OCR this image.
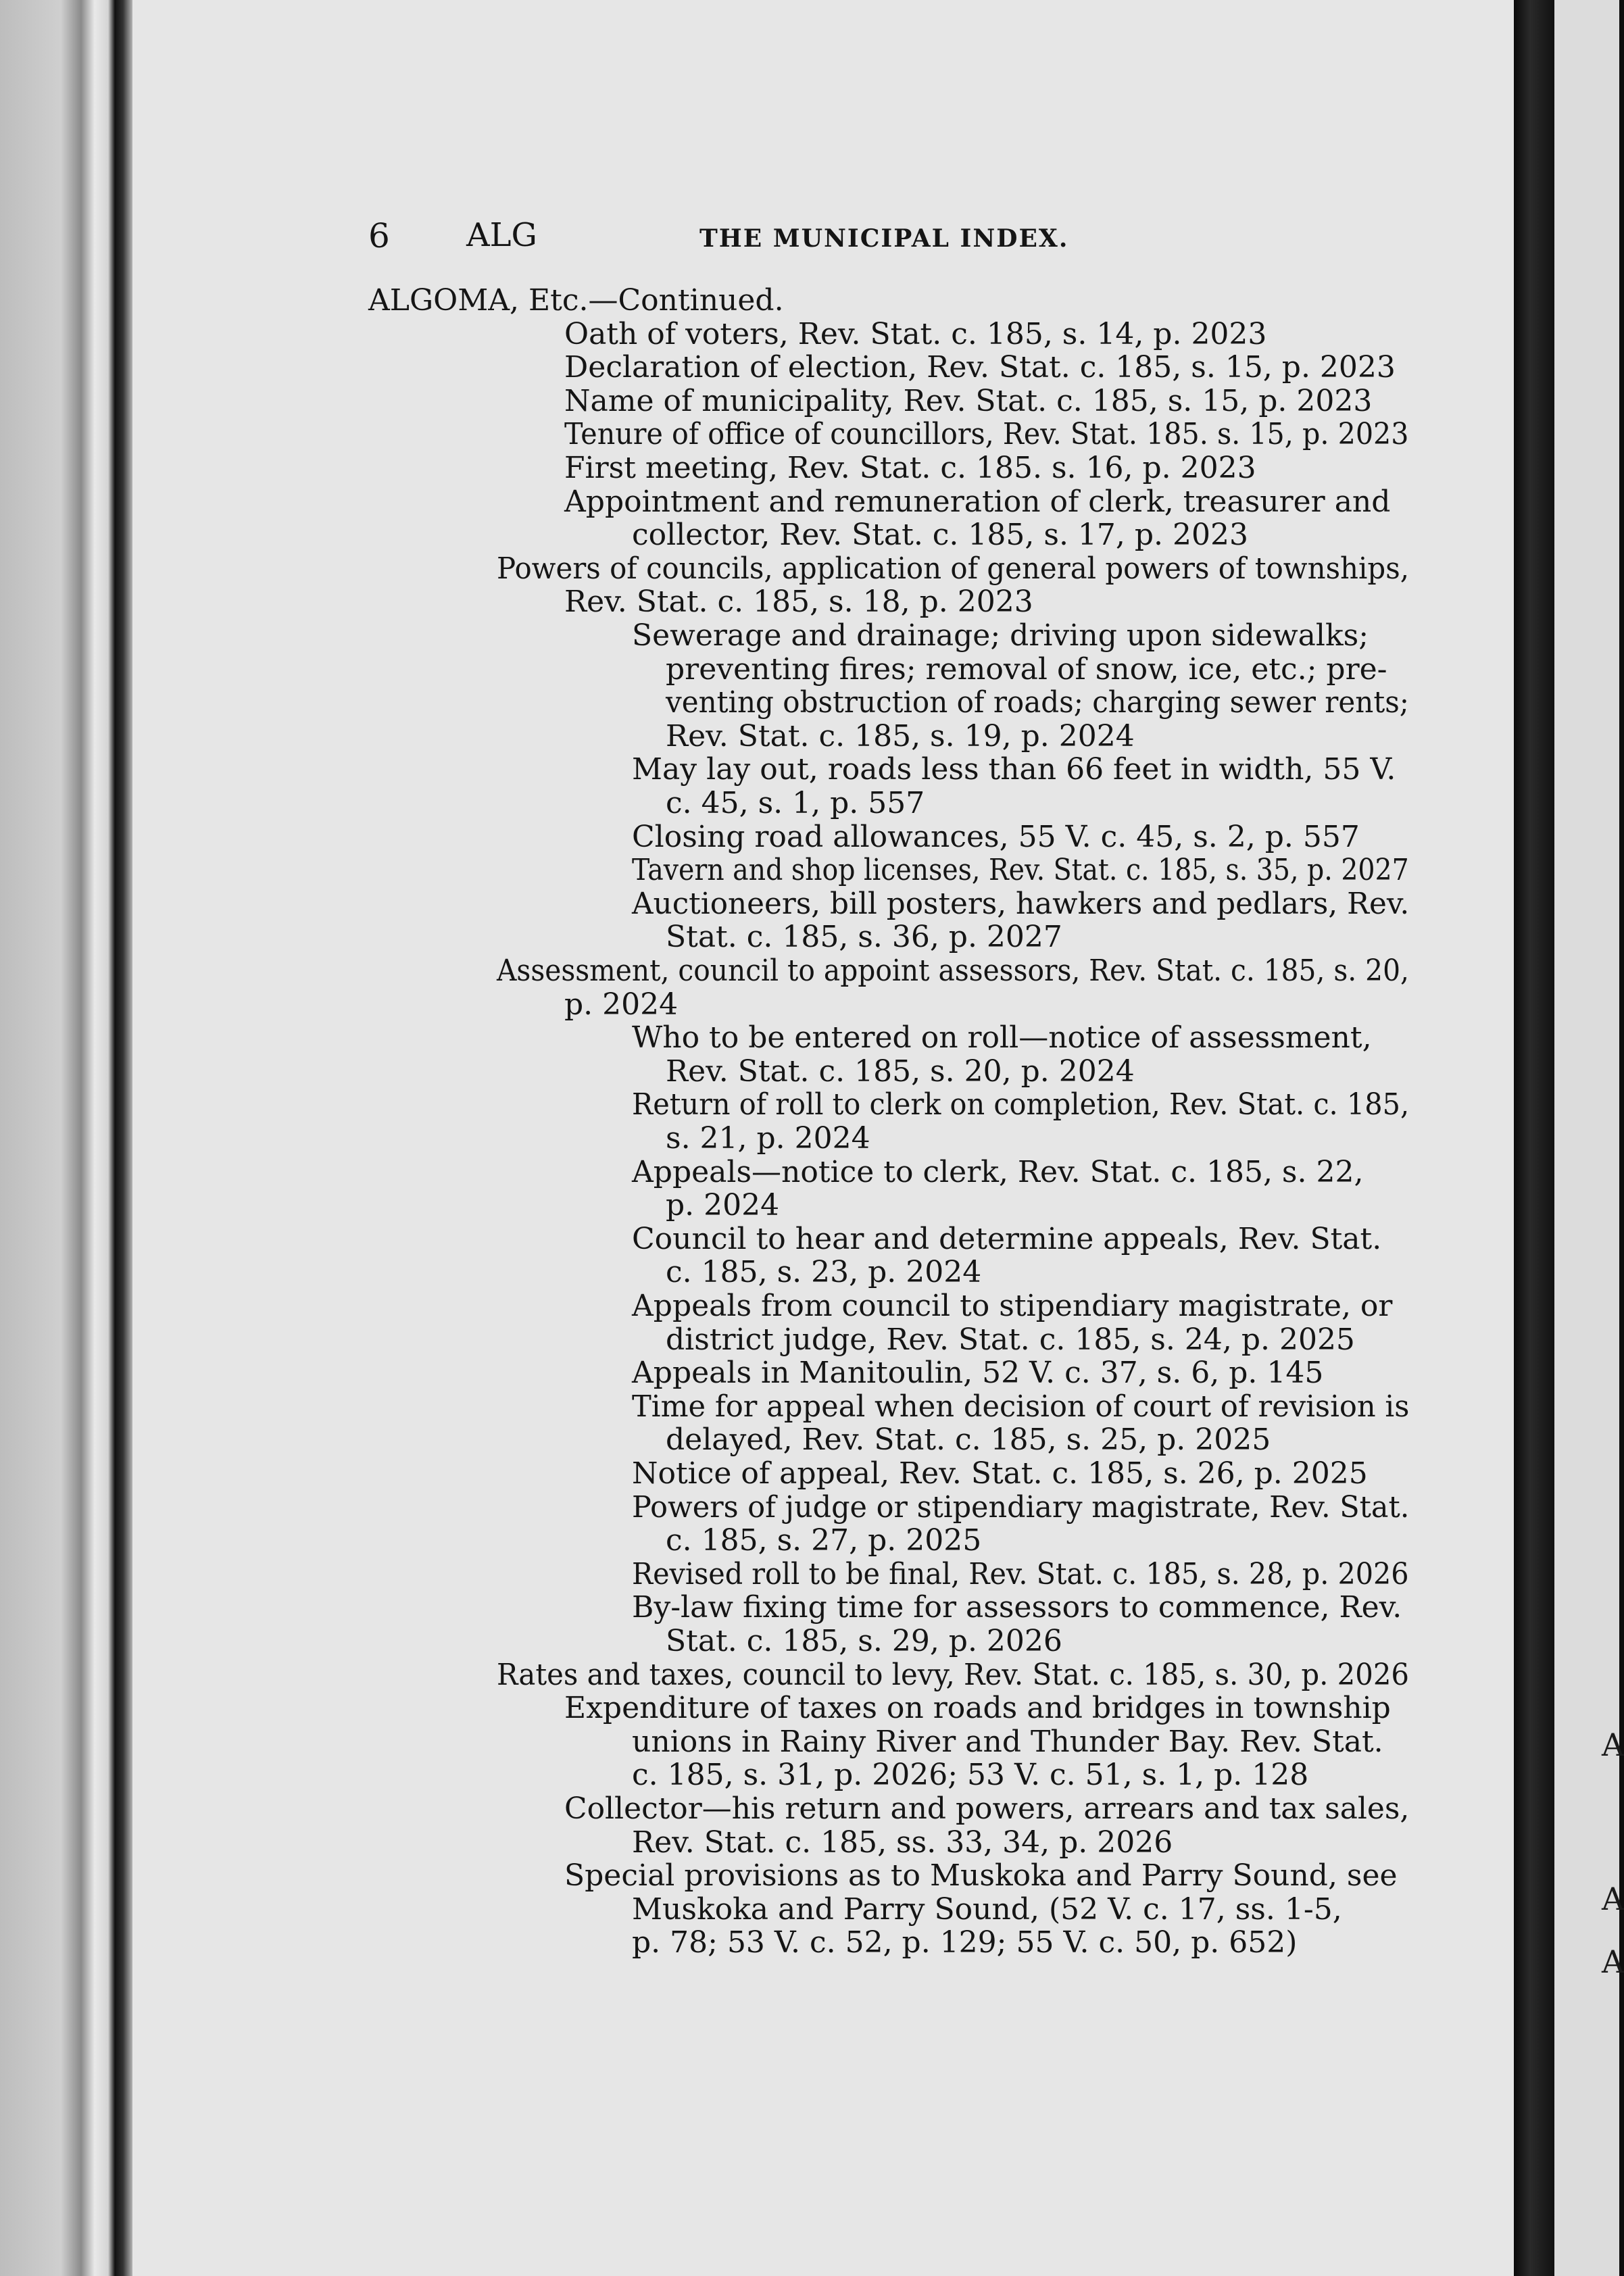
A
A
A
6 ALG	THE MUNICIPAL INDEX.
ALGOMA, Etc.—Continued.
Oath of voters, Rev. Stat. c. 185, s. 14, p. 2023
Declaration of election, Rev. Stat. c. 185, s. 15, p. 2023
Name of municipality, Rev. Stat. c. 185, s. 15, p. 2023
Tenure of office of councillors, Rev. Stat. 185. s. 15, p. 2023
First meeting, Rev. Stat. c. 185. s. 16, p. 2023
Appointment and remuneration of clerk, treasurer and
collector, Rev. Stat. c. 185, s. 17, p. 2023
Powers of councils, application of general powers of townships,
Rev. Stat. c. 185, s. 18, p. 2023
Sewerage and drainage; driving upon sidewalks;
preventing fires; removal of snow, ice, etc.; pre-
venting obstruction of roads; charging sewer rents;
Rev. Stat. c. 185, s. 19, p. 2024
May lay out, roads less than 66 feet in width, 55 V.
c. 45, s. 1, p. 557
Closing road allowances, 55 V. c. 45, s. 2, p. 557
Tavern and shop licenses, Rev. Stat. c. 185, s. 35, p. 2027
Auctioneers, bill posters, hawkers and pedlars, Rev.
Stat. c. 185, s. 36, p. 2027
Assessment, council to appoint assessors, Rev. Stat. c. 185, s. 20,
p. 2024
Who to be entered on roll—notice of assessment,
Rev. Stat. c. 185, s. 20, p. 2024
Return of roll to clerk on completion, Rev. Stat. c. 185,
s. 21, p. 2024
Appeals—notice to clerk, Rev. Stat. c. 185, s. 22,
p. 2024
Council to hear and determine appeals, Rev. Stat.
c. 185, s. 23, p. 2024
Appeals from council to stipendiary magistrate, or
district judge, Rev. Stat. c. 185, s. 24, p. 2025
Appeals in Manitoulin, 52 V. c. 37, s. 6, p. 145
Time for appeal when decision of court of revision is
delayed, Rev. Stat. c. 185, s. 25, p. 2025
Notice of appeal, Rev. Stat. c. 185, s. 26, p. 2025
Powers of judge or stipendiary magistrate, Rev. Stat.
c. 185, s. 27, p. 2025
Revised roll to be final, Rev. Stat. c. 185, s. 28, p. 2026
By-law fixing time for assessors to commence, Rev.
Stat. c. 185, s. 29, p. 2026
Rates and taxes, council to levy, Rev. Stat. c. 185, s. 30, p. 2026
Expenditure of taxes on roads and bridges in township
unions in Rainy River and Thunder Bay. Rev. Stat.
c. 185, s. 31, p. 2026; 53 V. c. 51, s. 1, p. 128
Collector—his return and powers, arrears and tax sales,
Rev. Stat. c. 185, ss. 33, 34, p. 2026
Special provisions as to Muskoka and Parry Sound, see
Muskoka and Parry Sound, (52 V. c. 17, ss. 1-5,
p. 78; 53 V. c. 52, p. 129; 55 V. c. 50, p. 652)
